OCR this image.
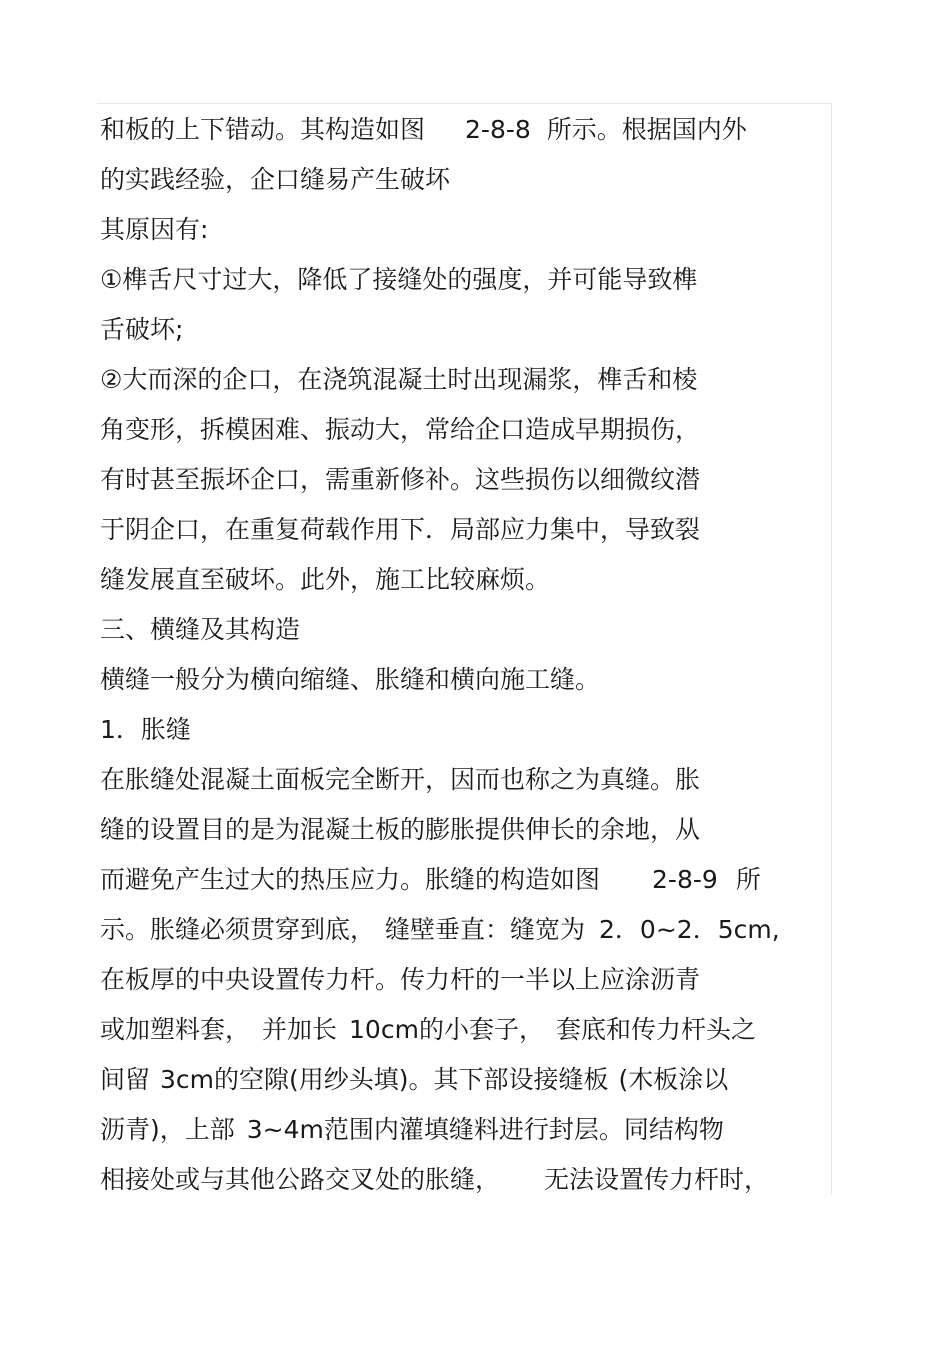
和板的上下错动。其构造如图 2-8-8 所示。根据国内外
的实践经验，企口缝易产生破坏
其原因有:
①榫舌尺寸过大，降低了接缝处的强度，并可能导致榫
舌破坏;
②大而深的企口，在浇筑混凝土时出现漏浆，榫舌和棱
角变形，拆模困难、振动大，常给企口造成早期损伤，
有时甚至振坏企口，需重新修补。这些损伤以细微纹潜
于阴企口，在重复荷载作用下．局部应力集中，导致裂
缝发展直至破坏。此外，施工比较麻烦。
三、横缝及其构造
横缝一般分为横向缩缝、胀缝和横向施工缝。
1．胀缝
在胀缝处混凝土面板完全断开，因而也称之为真缝。胀
缝的设置目的是为混凝土板的膨胀提供伸长的余地，从
而避免产生过大的热压应力。胀缝的构造如图 2-8-9 所
示。胀缝必须贯穿到底， 缝壁垂直：缝宽为 2．0~2．5cm,
在板厚的中央设置传力杆。传力杆的一半以上应涂沥青
或加塑料套， 并加长 10cm的小套子， 套底和传力杆头之
间留 3cm的空隙(用纱头填)。其下部设接缝板 (木板涂以
沥青)，上部 3~4m范围内灌填缝料进行封层。同结构物
相接处或与其他公路交叉处的胀缝， 无法设置传力杆时，
